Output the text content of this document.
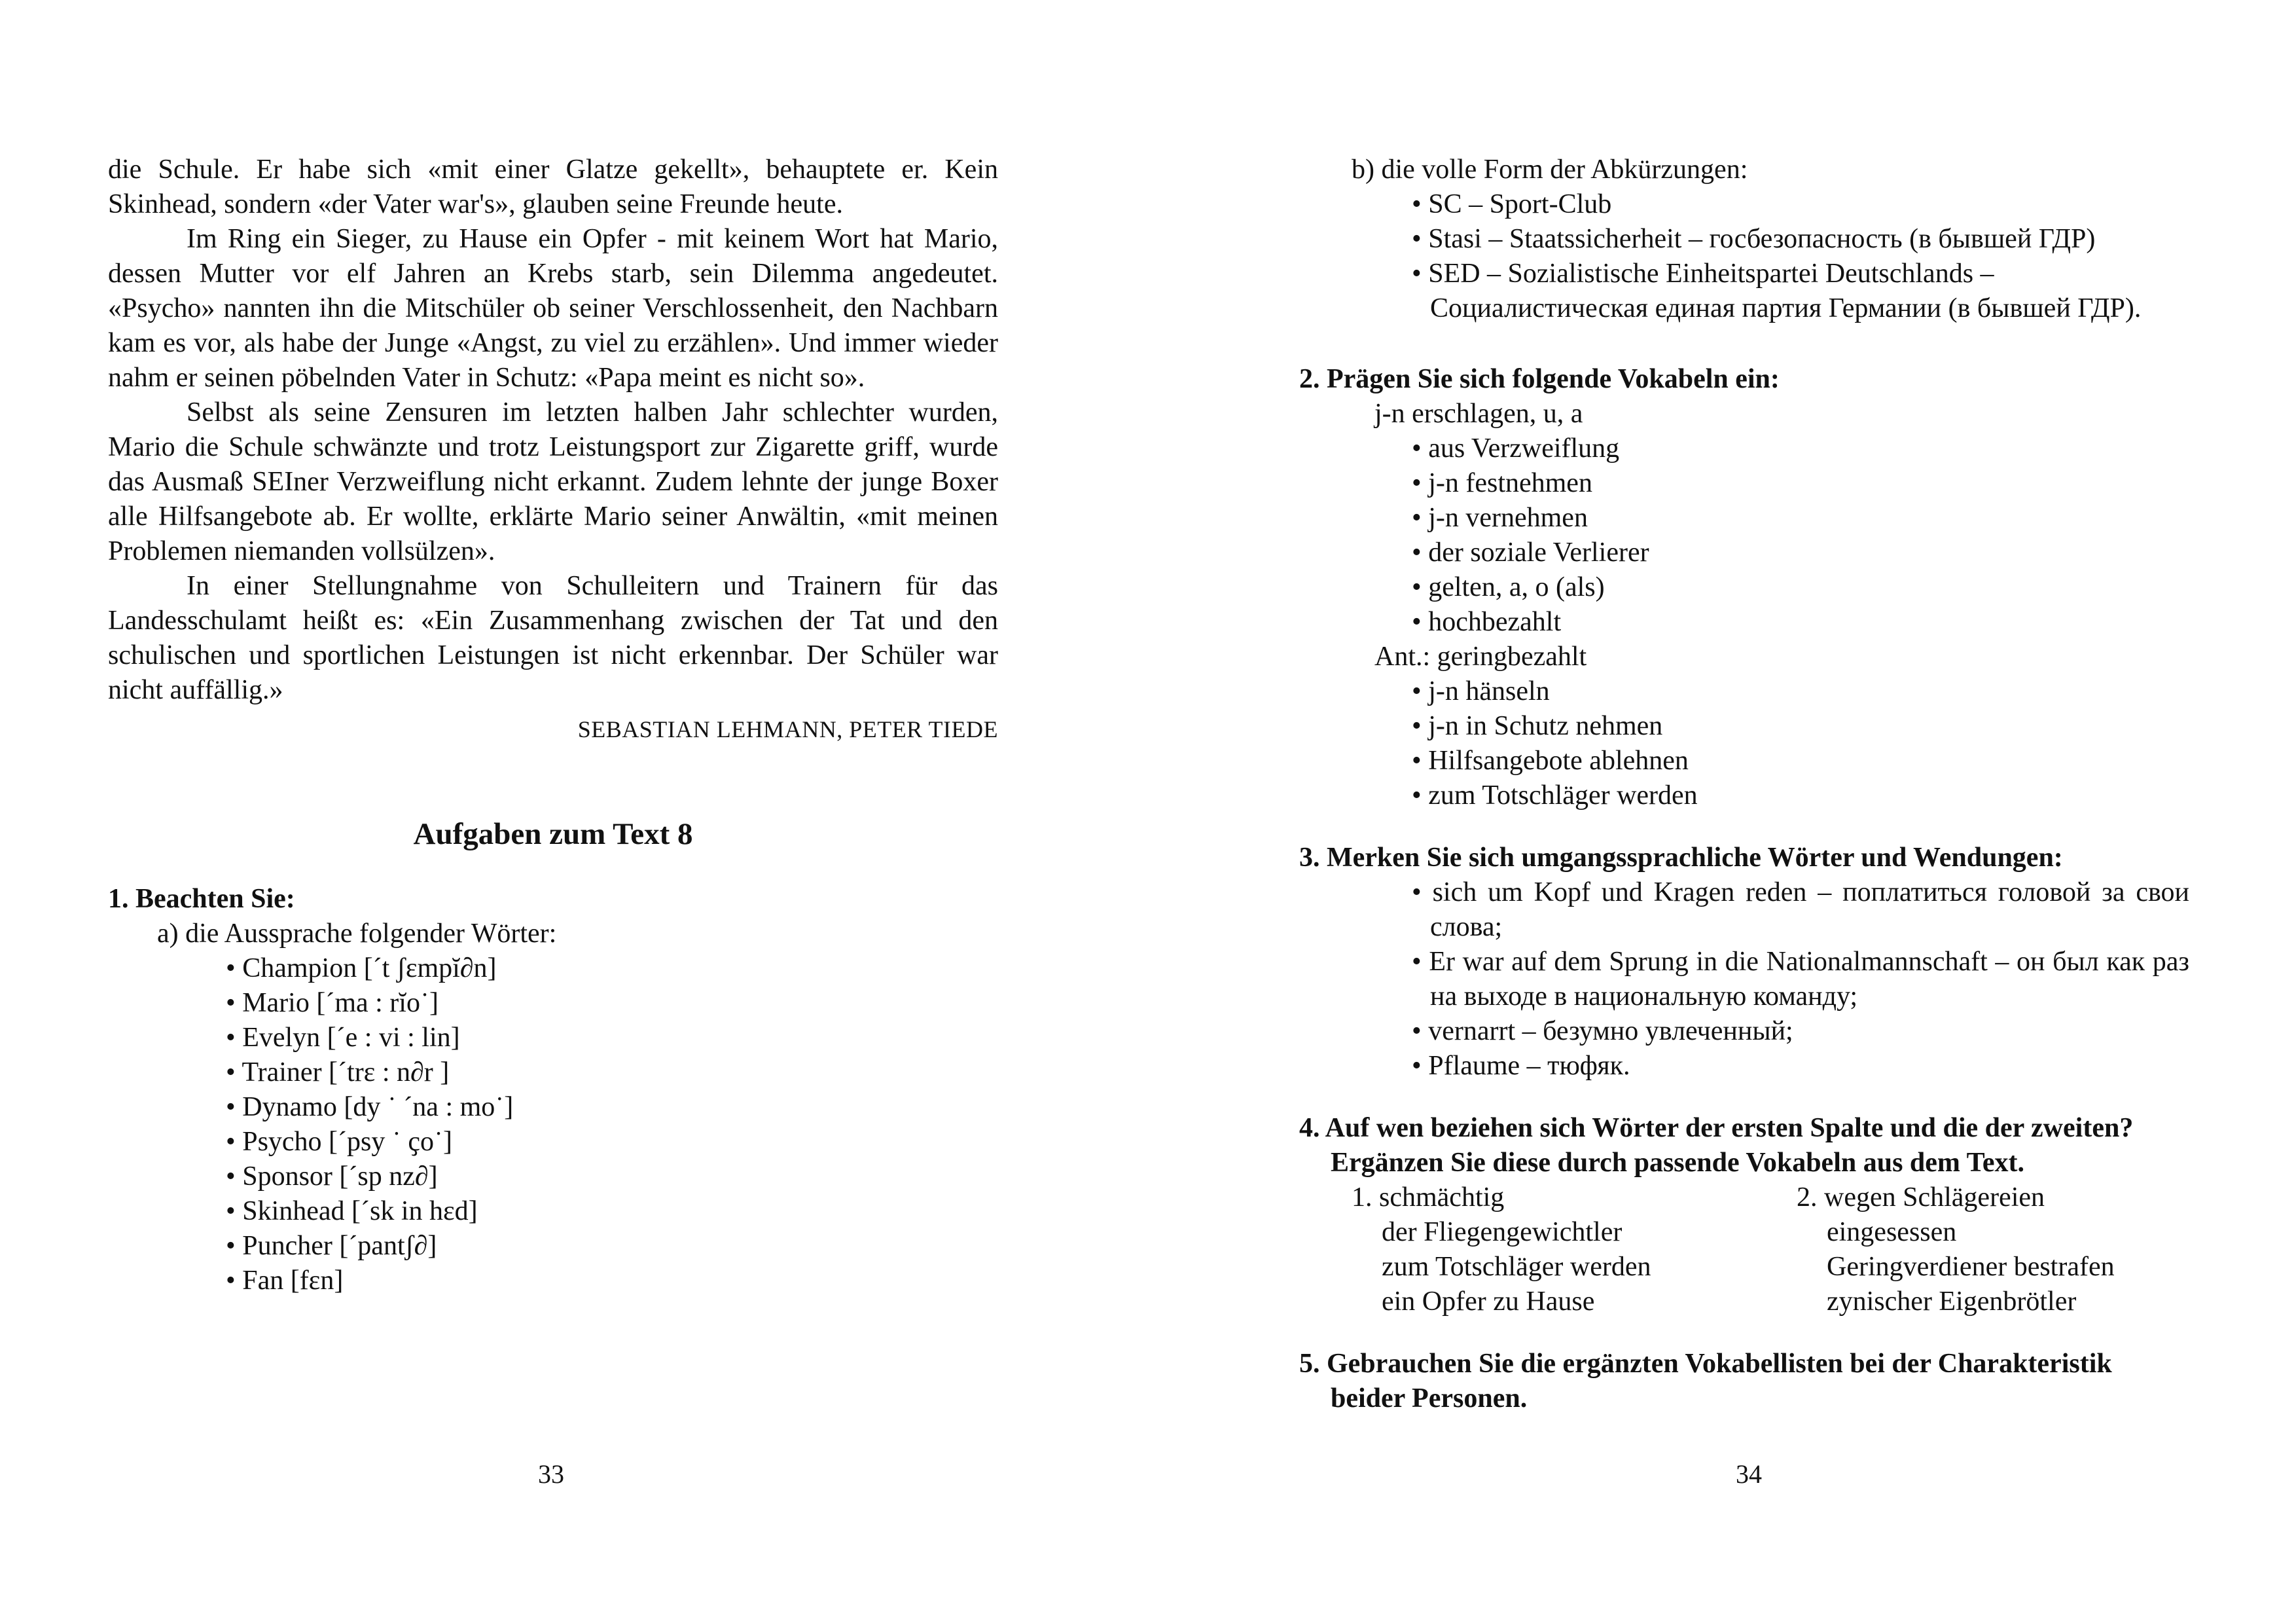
die Schule. Er habe sich «mit einer Glatze gekellt», behauptete er. Kein Skinhead, sondern «der Vater war's», glauben seine Freunde heute.

Im Ring ein Sieger, zu Hause ein Opfer - mit keinem Wort hat Mario, dessen Mutter vor elf Jahren an Krebs starb, sein Dilemma angedeutet. «Psycho» nannten ihn die Mitschüler ob seiner Verschlossenheit, den Nachbarn kam es vor, als habe der Junge «Angst, zu viel zu erzählen». Und immer wieder nahm er seinen pöbelnden Vater in Schutz: «Papa meint es nicht so».

Selbst als seine Zensuren im letzten halben Jahr schlechter wurden, Mario die Schule schwänzte und trotz Leistungsport zur Zigarette griff, wurde das Ausmaß SEIner Verzweiflung nicht erkannt. Zudem lehnte der junge Boxer alle Hilfsangebote ab. Er wollte, erklärte Mario seiner Anwältin, «mit meinen Problemen niemanden vollsülzen».

In einer Stellungnahme von Schulleitern und Trainern für das Landesschulamt heißt es: «Ein Zusammenhang zwischen der Tat und den schulischen und sportlichen Leistungen ist nicht erkennbar. Der Schüler war nicht auffällig.»

SEBASTIAN LEHMANN, PETER TIEDE
Aufgaben zum Text 8
1. Beachten Sie:
a) die Aussprache folgender Wörter:
• Champion [´t ʃɛmpĭ∂n]
• Mario [´ma : rĭo˙]
• Evelyn [´e : vi : lin]
• Trainer [´trɛ : n∂r ]
• Dynamo [dy ˙ ´na : mo˙]
• Psycho [´psy ˙ ҫo˙]
• Sponsor [´sp nz∂]
• Skinhead [´sk in hɛd]
• Puncher [´pantʃ∂]
• Fan [fɛn]
33
b) die volle Form der Abkürzungen:
• SC – Sport-Club
• Stasi – Staatssicherheit – госбезопасность (в бывшей ГДР)
• SED – Sozialistische Einheitspartei Deutschlands – Социалистическая единая партия Германии (в бывшей ГДР).
2. Prägen Sie sich folgende Vokabeln ein:
j-n erschlagen, u, a
• aus Verzweiflung
• j-n festnehmen
• j-n vernehmen
• der soziale Verlierer
• gelten, a, o (als)
• hochbezahlt
Ant.: geringbezahlt
• j-n hänseln
• j-n in Schutz nehmen
• Hilfsangebote ablehnen
• zum Totschläger werden
3. Merken Sie sich umgangssprachliche Wörter und Wendungen:
• sich um Kopf und Kragen reden – поплатиться головой за свои слова;
• Er war auf dem Sprung in die Nationalmannschaft – он был как раз на выходе в национальную команду;
• vernarrt – безумно увлеченный;
• Pflaume – тюфяк.
4. Auf wen beziehen sich Wörter der ersten Spalte und die der zweiten? Ergänzen Sie diese durch passende Vokabeln aus dem Text.
1. schmächtig
der Fliegengewichtler
zum Totschläger werden
ein Opfer zu Hause
2. wegen Schlägereien
eingesessen
Geringverdiener bestrafen
zynischer Eigenbrötler
5. Gebrauchen Sie die ergänzten Vokabellisten bei der Charakteristik beider Personen.
34
